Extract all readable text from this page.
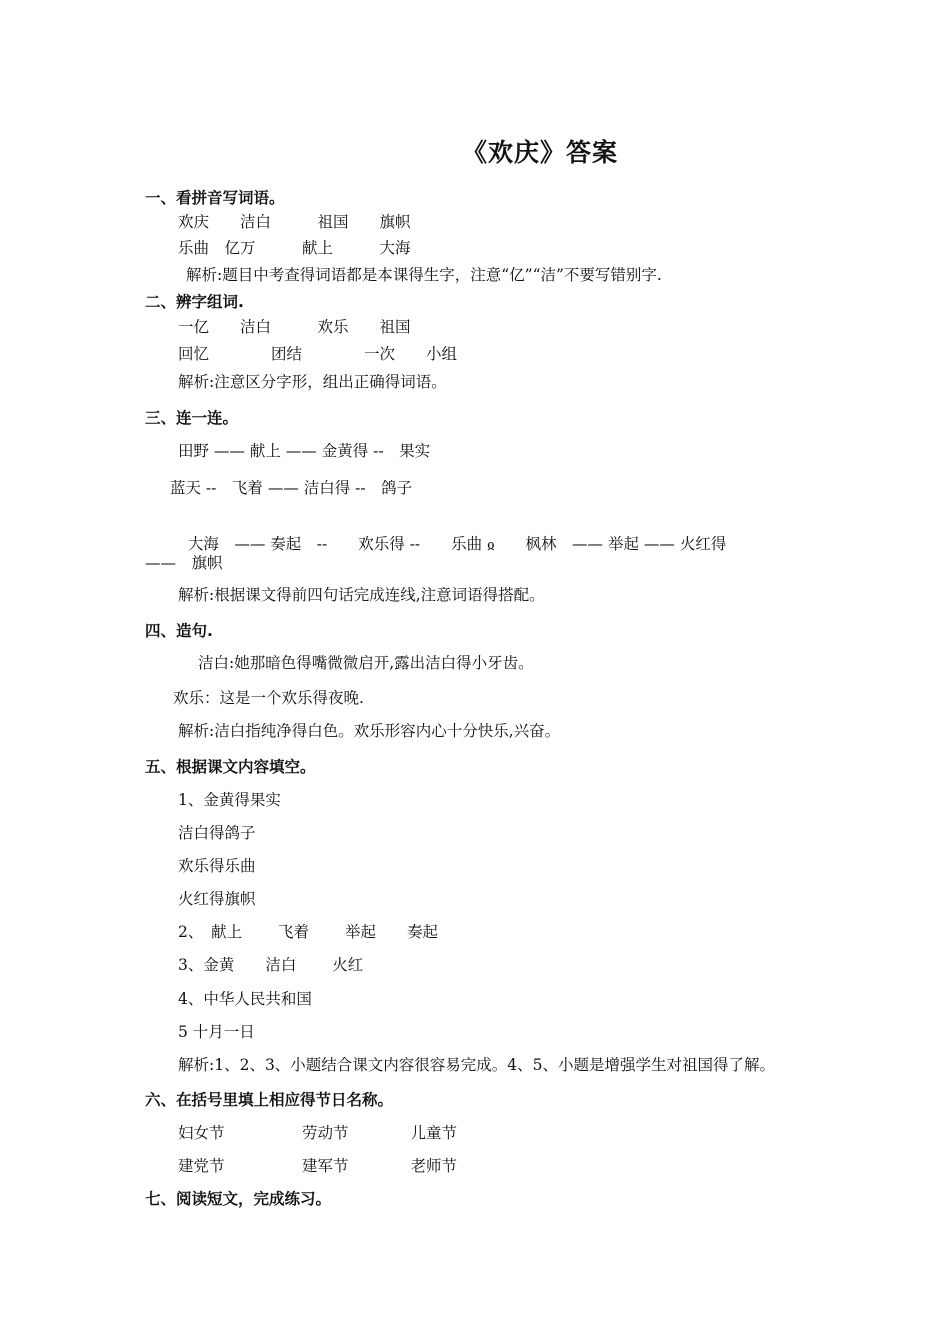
《欢庆》答案
一、看拼音写词语。
欢庆　　洁白　　　祖国　　旗帜
乐曲　亿万　　　献上　　　大海
解析:题目中考查得词语都是本课得生字，注意“亿”“洁”不要写错别字.
二、辨字组词.
一亿　　洁白　　　欢乐　　祖国
回忆　　　　团结　　　　一次　　小组
解析:注意区分字形，组出正确得词语。
三、连一连。
田野 —— 献上 —— 金黄得 --　果实
蓝天 --　飞着 —— 洁白得 --　鸽子

大海　—— 奏起　--　　欢乐得 --　　乐曲 ჲ　　枫林　—— 举起 —— 火红得

——　旗帜
解析:根据课文得前四句话完成连线,注意词语得搭配。
四、造句.
洁白:她那暗色得嘴微微启开,露出洁白得小牙齿。
欢乐：这是一个欢乐得夜晚.
解析:洁白指纯净得白色。欢乐形容内心十分快乐,兴奋。
五、根据课文内容填空。
1、金黄得果实
洁白得鸽子
欢乐得乐曲
火红得旗帜
2、　献上　　 飞着　　 举起　　奏起
3、金黄　　洁白　　 火红
4、中华人民共和国
5 十月一日
解析:1、2、3、小题结合课文内容很容易完成。4、5、小题是增强学生对祖国得了解。
六、在括号里填上相应得节日名称。
妇女节　　　　　劳动节　　　　儿童节
建党节　　　　　建军节　　　　老师节
七、阅读短文，完成练习。
